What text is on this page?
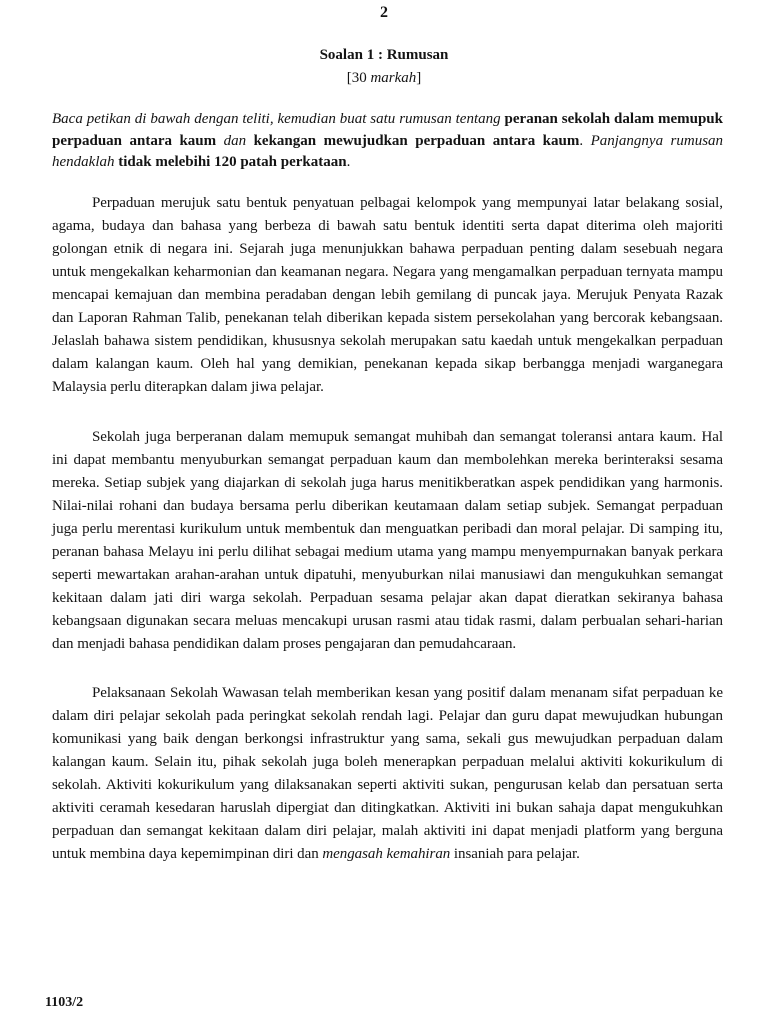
2
Soalan 1 : Rumusan
[30 markah]

Baca petikan di bawah dengan teliti, kemudian buat satu rumusan tentang peranan sekolah dalam memupuk perpaduan antara kaum dan kekangan mewujudkan perpaduan antara kaum. Panjangnya rumusan hendaklah tidak melebihi 120 patah perkataan.

Perpaduan merujuk satu bentuk penyatuan pelbagai kelompok yang mempunyai latar belakang sosial, agama, budaya dan bahasa yang berbeza di bawah satu bentuk identiti serta dapat diterima oleh majoriti golongan etnik di negara ini. Sejarah juga menunjukkan bahawa perpaduan penting dalam sesebuah negara untuk mengekalkan keharmonian dan keamanan negara. Negara yang mengamalkan perpaduan ternyata mampu mencapai kemajuan dan membina peradaban dengan lebih gemilang di puncak jaya. Merujuk Penyata Razak dan Laporan Rahman Talib, penekanan telah diberikan kepada sistem persekolahan yang bercorak kebangsaan. Jelaslah bahawa sistem pendidikan, khususnya sekolah merupakan satu kaedah untuk mengekalkan perpaduan dalam kalangan kaum. Oleh hal yang demikian, penekanan kepada sikap berbangga menjadi warganegara Malaysia perlu diterapkan dalam jiwa pelajar.

Sekolah juga berperanan dalam memupuk semangat muhibah dan semangat toleransi antara kaum. Hal ini dapat membantu menyuburkan semangat perpaduan kaum dan membolehkan mereka berinteraksi sesama mereka. Setiap subjek yang diajarkan di sekolah juga harus menitikberatkan aspek pendidikan yang harmonis. Nilai-nilai rohani dan budaya bersama perlu diberikan keutamaan dalam setiap subjek. Semangat perpaduan juga perlu merentasi kurikulum untuk membentuk dan menguatkan peribadi dan moral pelajar. Di samping itu, peranan bahasa Melayu ini perlu dilihat sebagai medium utama yang mampu menyempurnakan banyak perkara seperti mewartakan arahan-arahan untuk dipatuhi, menyuburkan nilai manusiawi dan mengukuhkan semangat kekitaan dalam jati diri warga sekolah. Perpaduan sesama pelajar akan dapat dieratkan sekiranya bahasa kebangsaan digunakan secara meluas mencakupi urusan rasmi atau tidak rasmi, dalam perbualan sehari-harian dan menjadi bahasa pendidikan dalam proses pengajaran dan pemudahcaraan.

Pelaksanaan Sekolah Wawasan telah memberikan kesan yang positif dalam menanam sifat perpaduan ke dalam diri pelajar sekolah pada peringkat sekolah rendah lagi. Pelajar dan guru dapat mewujudkan hubungan komunikasi yang baik dengan berkongsi infrastruktur yang sama, sekali gus mewujudkan perpaduan dalam kalangan kaum. Selain itu, pihak sekolah juga boleh menerapkan perpaduan melalui aktiviti kokurikulum di sekolah. Aktiviti kokurikulum yang dilaksanakan seperti aktiviti sukan, pengurusan kelab dan persatuan serta aktiviti ceramah kesedaran haruslah dipergiat dan ditingkatkan. Aktiviti ini bukan sahaja dapat mengukuhkan perpaduan dan semangat kekitaan dalam diri pelajar, malah aktiviti ini dapat menjadi platform yang berguna untuk membina daya kepemimpinan diri dan mengasah kemahiran insaniah para pelajar.

1103/2
